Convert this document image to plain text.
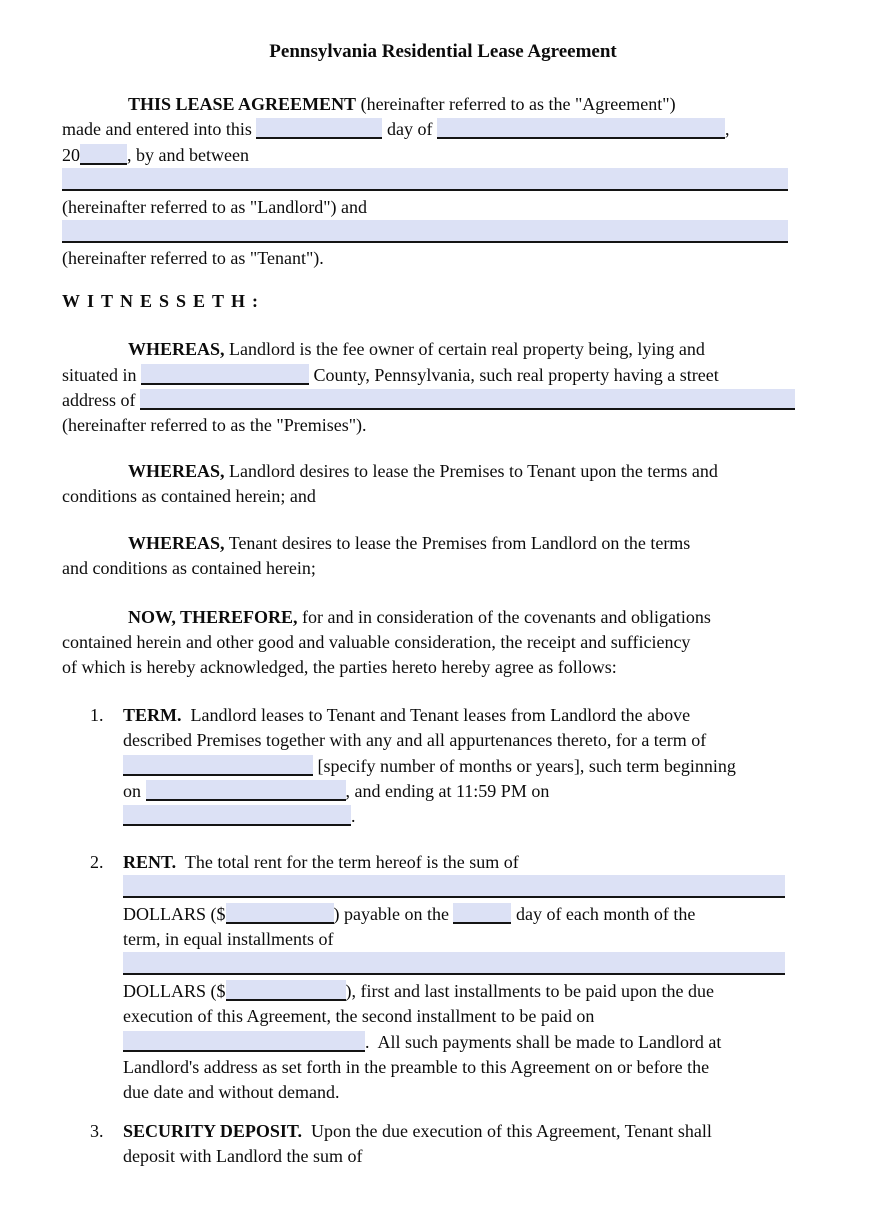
Pennsylvania Residential Lease Agreement
THIS LEASE AGREEMENT (hereinafter referred to as the "Agreement")
made and entered into this	day of	,
20	, by and between
(hereinafter referred to as "Landlord") and
(hereinafter referred to as "Tenant").
WITNESSETH:
WHEREAS, Landlord is the fee owner of certain real property being, lying and
situated in	County, Pennsylvania, such real property having a street
address of
(hereinafter referred to as the "Premises").
WHEREAS, Landlord desires to lease the Premises to Tenant upon the terms and
conditions as contained herein; and
WHEREAS, Tenant desires to lease the Premises from Landlord on the terms
and conditions as contained herein;
NOW, THEREFORE, for and in consideration of the covenants and obligations
contained herein and other good and valuable consideration, the receipt and sufficiency
of which is hereby acknowledged, the parties hereto hereby agree as follows:
1.	TERM.  Landlord leases to Tenant and Tenant leases from Landlord the above
described Premises together with any and all appurtenances thereto, for a term of
[specify number of months or years], such term beginning
on	, and ending at 11:59 PM on
.
2.	RENT.  The total rent for the term hereof is the sum of
DOLLARS ($	) payable on the	day of each month of the
term, in equal installments of
DOLLARS ($	), first and last installments to be paid upon the due
execution of this Agreement, the second installment to be paid on
.  All such payments shall be made to Landlord at
Landlord's address as set forth in the preamble to this Agreement on or before the
due date and without demand.
3.	SECURITY DEPOSIT.  Upon the due execution of this Agreement, Tenant shall
deposit with Landlord the sum of
